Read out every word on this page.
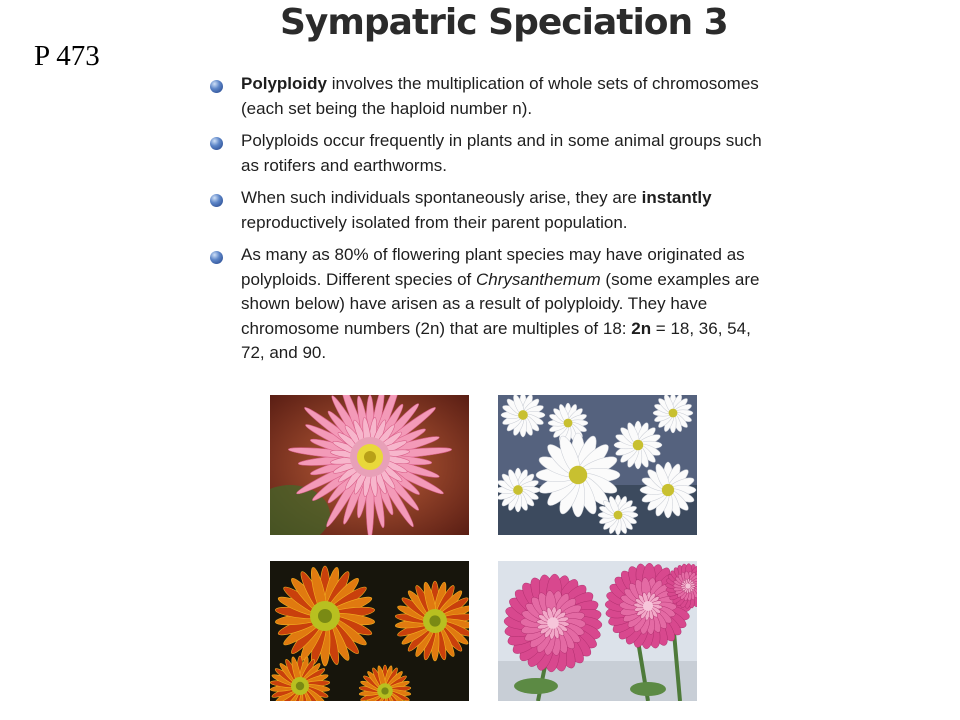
P 473
Sympatric Speciation 3
Polyploidy involves the multiplication of whole sets of chromosomes (each set being the haploid number n).
Polyploids occur frequently in plants and in some animal groups such as rotifers and earthworms.
When such individuals spontaneously arise, they are instantly reproductively isolated from their parent population.
As many as 80% of flowering plant species may have originated as polyploids. Different species of Chrysanthemum (some examples are shown below) have arisen as a result of polyploidy. They have chromosome numbers (2n) that are multiples of 18: 2n = 18, 36, 54, 72, and 90.
